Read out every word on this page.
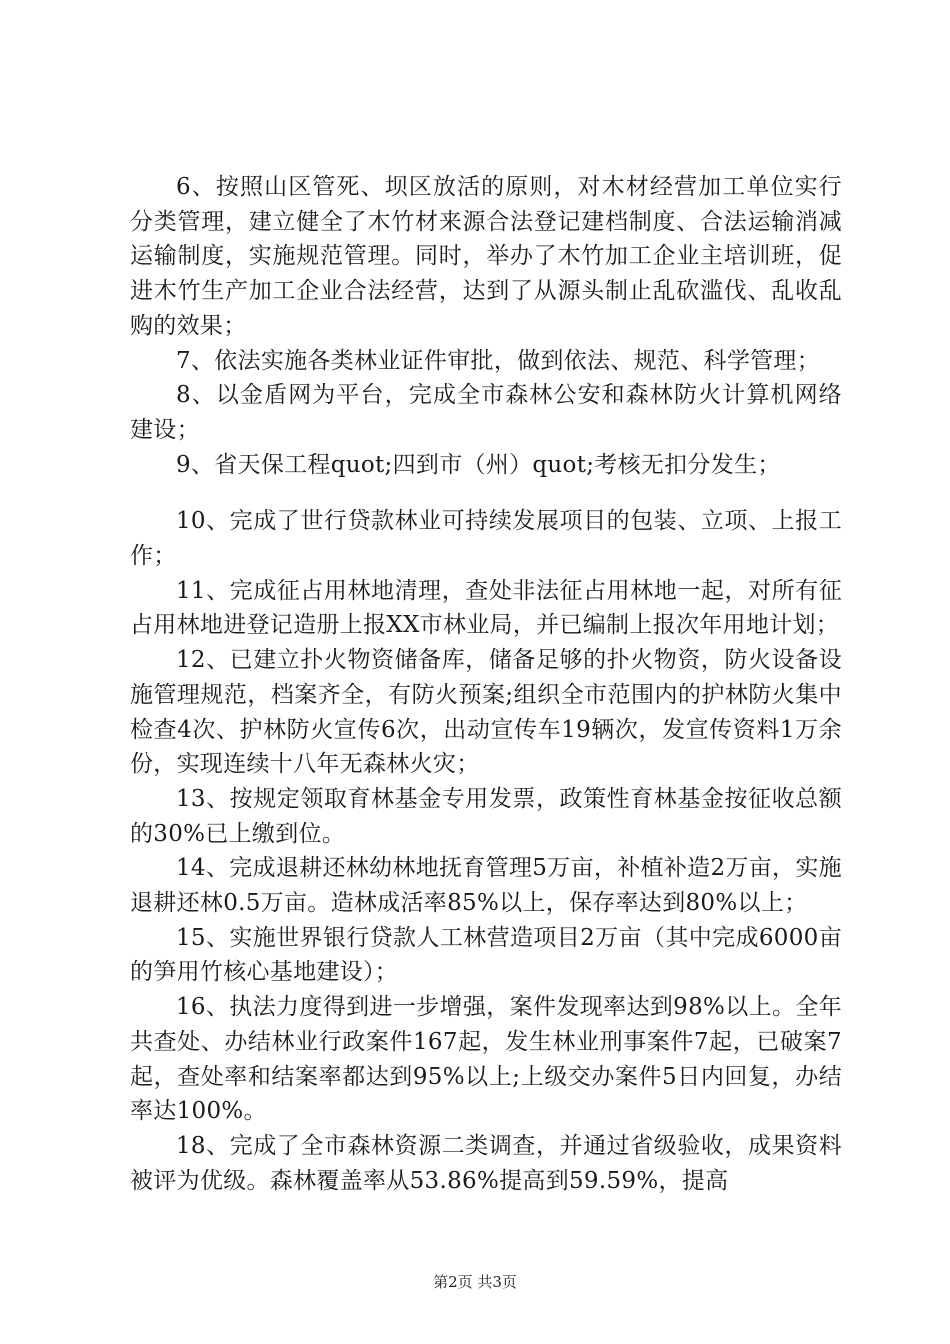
6、按照山区管死、坝区放活的原则，对木材经营加工单位实行分类管理，建立健全了木竹材来源合法登记建档制度、合法运输消减运输制度，实施规范管理。同时，举办了木竹加工企业主培训班，促进木竹生产加工企业合法经营，达到了从源头制止乱砍滥伐、乱收乱购的效果；

7、依法实施各类林业证件审批，做到依法、规范、科学管理；

8、以金盾网为平台，完成全市森林公安和森林防火计算机网络建设；

9、省天保工程quot;四到市（州）quot;考核无扣分发生；

10、完成了世行贷款林业可持续发展项目的包装、立项、上报工作；

11、完成征占用林地清理，查处非法征占用林地一起，对所有征占用林地进登记造册上报XX市林业局，并已编制上报次年用地计划；

12、已建立扑火物资储备库，储备足够的扑火物资，防火设备设施管理规范，档案齐全，有防火预案;组织全市范围内的护林防火集中检查4次、护林防火宣传6次，出动宣传车19辆次，发宣传资料1万余份，实现连续十八年无森林火灾；

13、按规定领取育林基金专用发票，政策性育林基金按征收总额的30%已上缴到位。

14、完成退耕还林幼林地抚育管理5万亩，补植补造2万亩，实施退耕还林0.5万亩。造林成活率85%以上，保存率达到80%以上；

15、实施世界银行贷款人工林营造项目2万亩（其中完成6000亩的笋用竹核心基地建设）；

16、执法力度得到进一步增强，案件发现率达到98%以上。全年共查处、办结林业行政案件167起，发生林业刑事案件7起，已破案7起，查处率和结案率都达到95%以上;上级交办案件5日内回复，办结率达100%。

18、完成了全市森林资源二类调查，并通过省级验收，成果资料被评为优级。森林覆盖率从53.86%提高到59.59%，提高

第2页 共3页
